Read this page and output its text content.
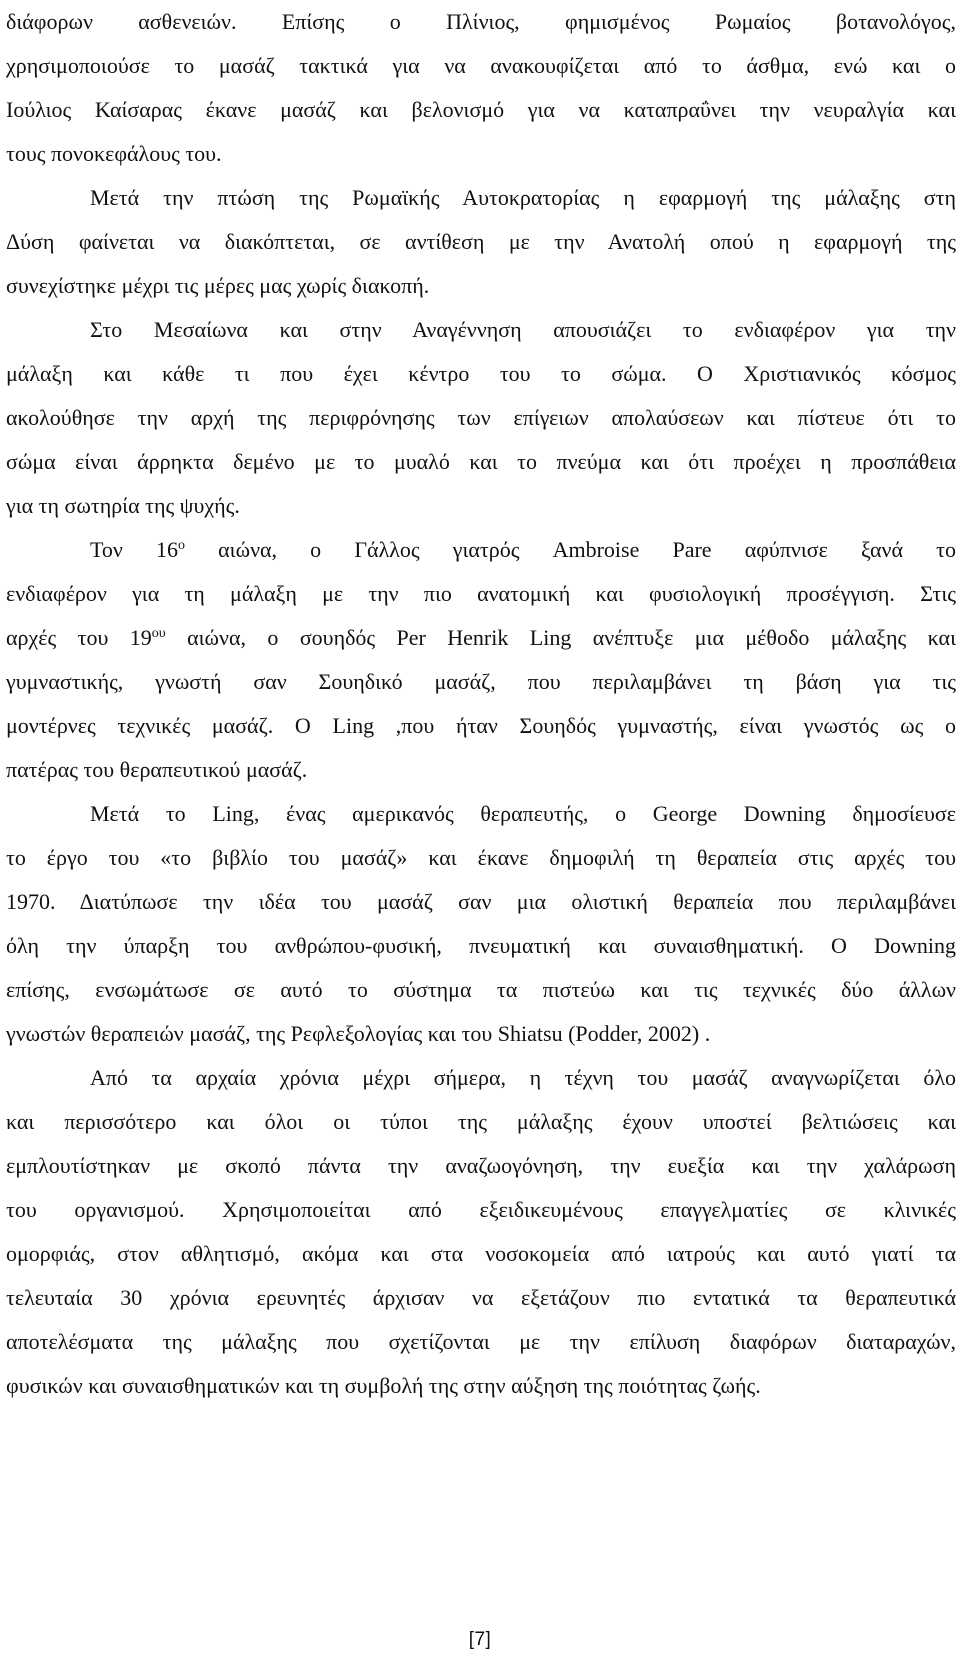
διάφορων ασθενειών. Επίσης ο Πλίνιος, φημισμένος Ρωμαίος βοτανολόγος,
χρησιμοποιούσε το μασάζ τακτικά για να ανακουφίζεται από το άσθμα, ενώ και ο
Ιούλιος Καίσαρας έκανε μασάζ και βελονισμό για να καταπραΰνει την νευραλγία και
τους πονοκεφάλους του.
Μετά την πτώση της Ρωμαϊκής Αυτοκρατορίας η εφαρμογή της μάλαξης στη
Δύση φαίνεται να διακόπτεται, σε αντίθεση με την Ανατολή οπού η εφαρμογή της
συνεχίστηκε μέχρι τις μέρες μας χωρίς διακοπή.
Στο Μεσαίωνα και στην Αναγέννηση απουσιάζει το ενδιαφέρον για την
μάλαξη και κάθε τι που έχει κέντρο του το σώμα. Ο Χριστιανικός κόσμος
ακολούθησε την αρχή της περιφρόνησης των επίγειων απολαύσεων και πίστευε ότι το
σώμα είναι άρρηκτα δεμένο με το μυαλό και το πνεύμα και ότι προέχει η προσπάθεια
για τη σωτηρία της ψυχής.
Τον $16^o$ αιώνα, ο Γάλλος γιατρός Ambroise Pare αφύπνισε ξανά το
ενδιαφέρον για τη μάλαξη με την πιο ανατομική και φυσιολογική προσέγγιση. Στις
αρχές του $19^{o\upsilon}$ αιώνα, ο σουηδός Per Henrik Ling ανέπτυξε μια μέθοδο μάλαξης και
γυμναστικής, γνωστή σαν Σουηδικό μασάζ, που περιλαμβάνει τη βάση για τις
μοντέρνες τεχνικές μασάζ. Ο Ling ,που ήταν Σουηδός γυμναστής, είναι γνωστός ως ο
πατέρας του θεραπευτικού μασάζ.
Μετά το Ling, ένας αμερικανός θεραπευτής, ο George Downing δημοσίευσε
το έργο του «το βιβλίο του μασάζ» και έκανε δημοφιλή τη θεραπεία στις αρχές του
1970. Διατύπωσε την ιδέα του μασάζ σαν μια ολιστική θεραπεία που περιλαμβάνει
όλη την ύπαρξη του ανθρώπου-φυσική, πνευματική και συναισθηματική. Ο Downing
επίσης, ενσωμάτωσε σε αυτό το σύστημα τα πιστεύω και τις τεχνικές δύο άλλων
γνωστών θεραπειών μασάζ, της Ρεφλεξολογίας και του Shiatsu (Podder, 2002) .
Από τα αρχαία χρόνια μέχρι σήμερα, η τέχνη του μασάζ αναγνωρίζεται όλο
και περισσότερο και όλοι οι τύποι της μάλαξης έχουν υποστεί βελτιώσεις και
εμπλουτίστηκαν με σκοπό πάντα την αναζωογόνηση, την ευεξία και την χαλάρωση
του οργανισμού. Χρησιμοποιείται από εξειδικευμένους επαγγελματίες σε κλινικές
ομορφιάς, στον αθλητισμό, ακόμα και στα νοσοκομεία από ιατρούς και αυτό γιατί τα
τελευταία 30 χρόνια ερευνητές άρχισαν να εξετάζουν πιο εντατικά τα θεραπευτικά
αποτελέσματα της μάλαξης που σχετίζονται με την επίλυση διαφόρων διαταραχών,
φυσικών και συναισθηματικών και τη συμβολή της στην αύξηση της ποιότητας ζωής.
[7]
